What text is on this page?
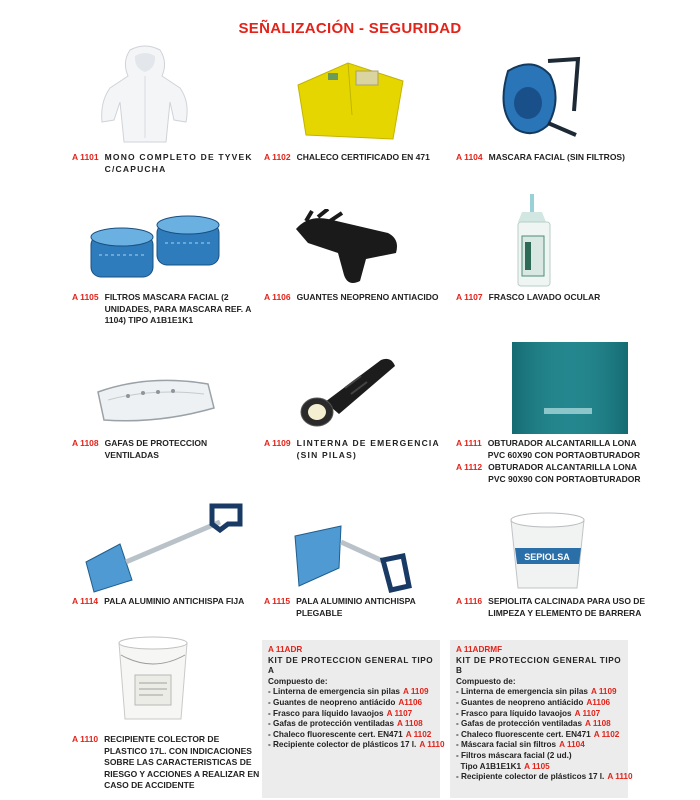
SEÑALIZACIÓN - SEGURIDAD
A 1101 MONO COMPLETO DE TYVEK C/CAPUCHA
A 1102 CHALECO CERTIFICADO EN 471	A 1104 MASCARA FACIAL (SIN FILTROS)
A 1105 FILTROS MASCARA FACIAL (2 UNIDADES, PARA MASCARA REF. A 1104) TIPO A1B1E1K1
A 1106 GUANTES NEOPRENO ANTIACIDO	A 1107 FRASCO LAVADO OCULAR
A 1108 GAFAS DE PROTECCION VENTILADAS
A 1109 LINTERNA DE EMERGENCIA (SIN PILAS)
A 1111 OBTURADOR ALCANTARILLA LONA PVC 60X90 CON PORTAOBTURADOR
A 1112 OBTURADOR ALCANTARILLA LONA PVC 90X90 CON PORTAOBTURADOR
SEPIOLSA
A 1114 PALA ALUMINIO ANTICHISPA FIJA	A 1115 PALA ALUMINIO ANTICHISPA PLEGABLE
A 1116 SEPIOLITA CALCINADA PARA USO DE LIMPEZA Y ELEMENTO DE BARRERA
A 1110 RECIPIENTE COLECTOR DE PLASTICO 17L. CON INDICACIONES SOBRE LAS CARACTERISTICAS DE RIESGO Y ACCIONES A REALIZAR EN CASO DE ACCIDENTE
A 11ADR
KIT DE PROTECCION GENERAL TIPO A
Compuesto de:
- Linterna de emergencia sin pilas A 1109
- Guantes de neopreno antiácido A1106
- Frasco para líquido lavaojos A 1107
- Gafas de protección ventiladas A 1108
- Chaleco fluorescente cert. EN471 A 1102
- Recipiente colector de plásticos 17 l. A 1110
A 11ADRMF
KIT DE PROTECCION GENERAL TIPO B
Compuesto de:
- Linterna de emergencia sin pilas A 1109
- Guantes de neopreno antiácido A1106
- Frasco para líquido lavaojos A 1107
- Gafas de protección ventiladas A 1108
- Chaleco fluorescente cert. EN471 A 1102
- Máscara facial sin filtros A 1104
- Filtros máscara facial (2 ud.)
Tipo A1B1E1K1 A 1105
- Recipiente colector de plásticos 17 l. A 1110
